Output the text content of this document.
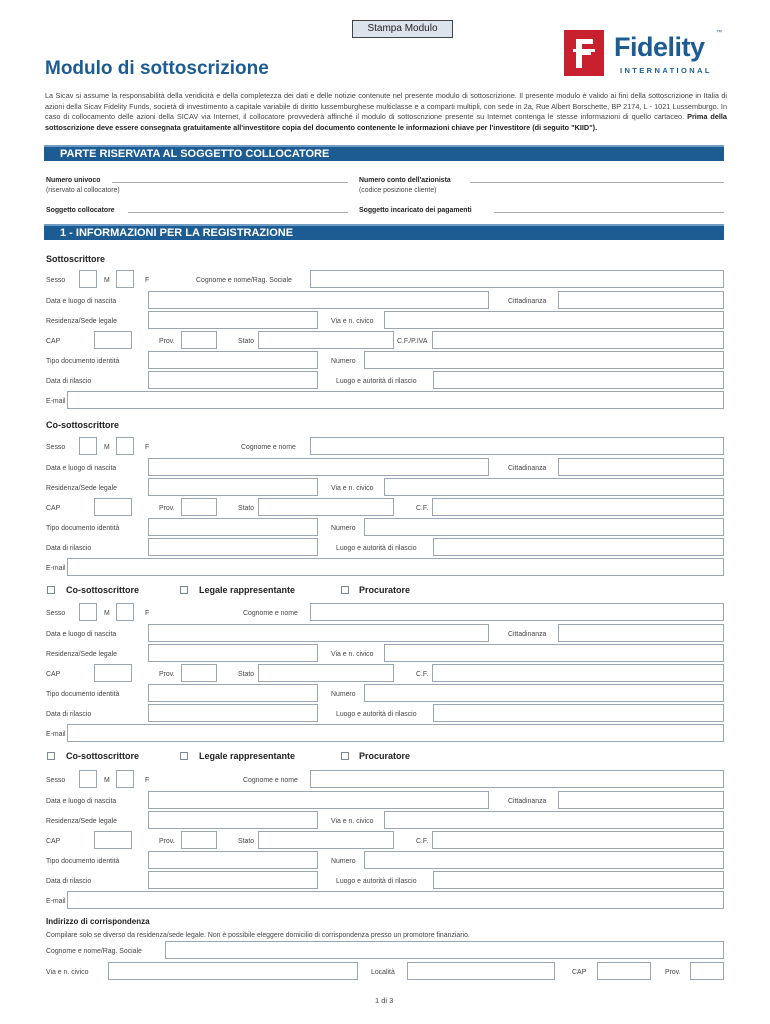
Stampa Modulo
Fidelity ™
INTERNATIONAL
Modulo di sottoscrizione
La Sicav si assume la responsabilità della veridicità e della completezza dei dati e delle notizie contenute nel presente modulo di sottoscrizione. Il presente modulo è valido ai fini della sottoscrizione in Italia di azioni della Sicav Fidelity Funds, società di investimento a capitale variabile di diritto lussemburghese multiclasse e a comparti multipli, con sede in 2a, Rue Albert Borschette, BP 2174, L - 1021 Lussemburgo. In caso di collocamento delle azioni della SICAV via Internet, il collocatore provvederà affinché il modulo di sottoscrizione presente su Internet contenga le stesse informazioni di quello cartaceo. Prima della sottoscrizione deve essere consegnata gratuitamente all'investitore copia del documento contenente le informazioni chiave per l'investitore (di seguito "KIID").
PARTE RISERVATA AL SOGGETTO COLLOCATORE
Numero univoco
(riservato al collocatore)
Numero conto dell'azionista
(codice posizione cliente)
Soggetto collocatore	Soggetto incaricato dei pagamenti
1 - INFORMAZIONI PER LA REGISTRAZIONE
Sottoscrittore
Sesso	M	F	Cognome e nome/Rag. Sociale
Data e luogo di nascita	Cittadinanza
Residenza/Sede legale	Via e n. civico
CAP	Prov.	Stato	C.F./P.IVA
Tipo documento identità	Numero
Data di rilascio	Luogo e autorità di rilascio
E-mail
Co-sottoscrittore
Sesso	M	F	Cognome e nome
Data e luogo di nascita	Cittadinanza
Residenza/Sede legale	Via e n. civico
CAP	Prov.	Stato	C.F.
Tipo documento identità	Numero
Data di rilascio	Luogo e autorità di rilascio
E-mail
Co-sottoscrittore	Legale rappresentante	Procuratore
Sesso	M	F	Cognome e nome
Data e luogo di nascita	Cittadinanza
Residenza/Sede legale	Via e n. civico
CAP	Prov.	Stato	C.F.
Tipo documento identità	Numero
Data di rilascio	Luogo e autorità di rilascio
E-mail
Co-sottoscrittore	Legale rappresentante	Procuratore
Sesso	M	F	Cognome e nome
Data e luogo di nascita	Cittadinanza
Residenza/Sede legale	Via e n. civico
CAP	Prov.	Stato	C.F.
Tipo documento identità	Numero
Data di rilascio	Luogo e autorità di rilascio
E-mail
Indirizzo di corrispondenza
Compilare solo se diverso da residenza/sede legale. Non è possibile eleggere domicilio di corrispondenza presso un promotore finanziario.
Cognome e nome/Rag. Sociale
Via e n. civico	Località	CAP	Prov.
1 di 3
